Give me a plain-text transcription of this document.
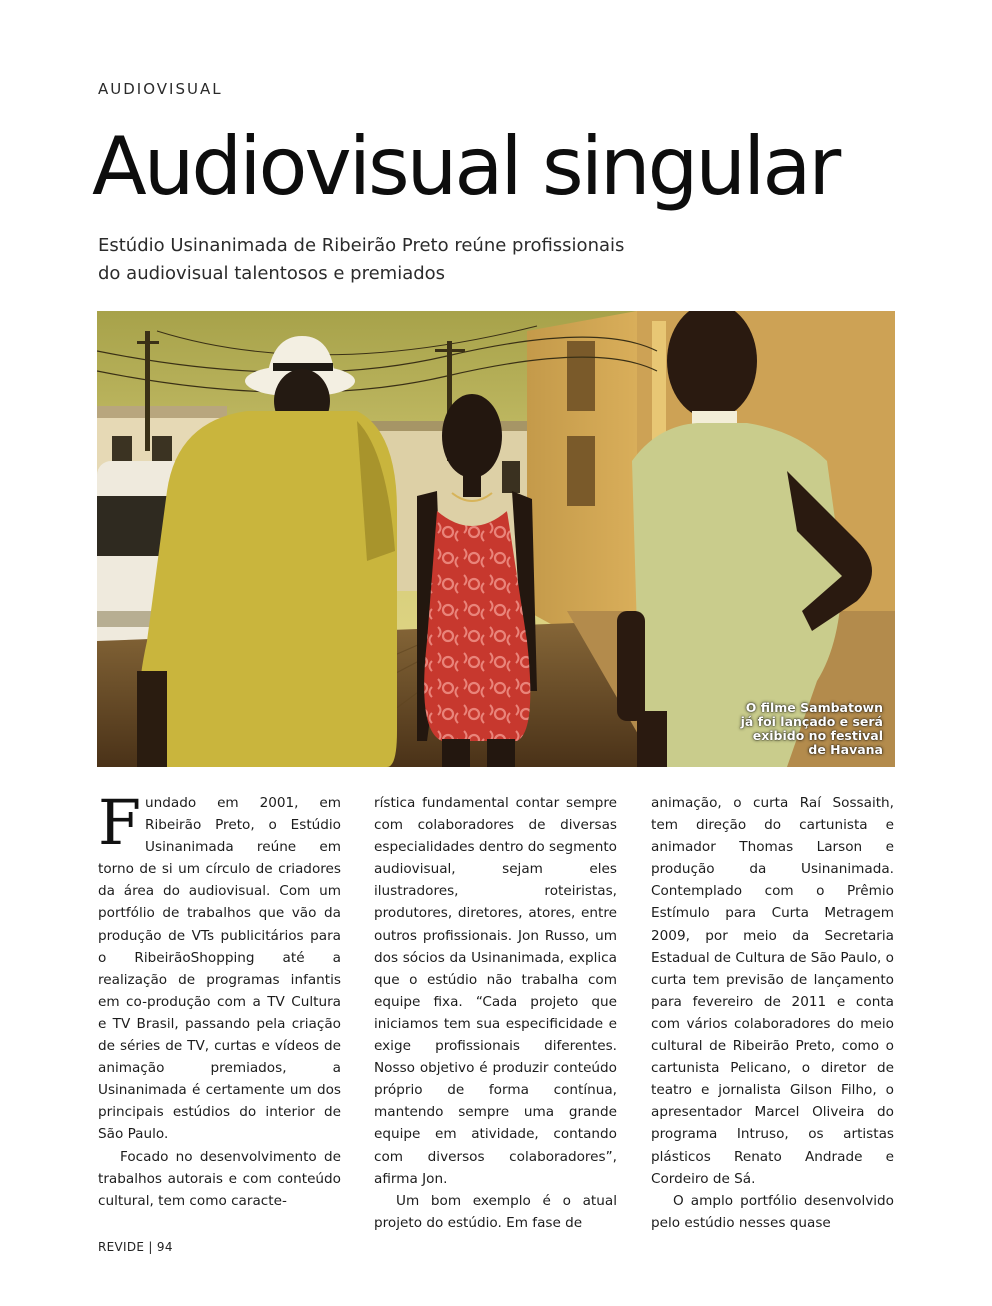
AUDIOVISUAL
Audiovisual singular
Estúdio Usinanimada de Ribeirão Preto reúne profissionais
do audiovisual talentosos e premiados
O filme Sambatown
já foi lançado e será
exibido no festival
de Havana

Fundado em 2001, em Ribeirão Preto, o Estúdio Usinanimada reúne em torno de si um círculo de criadores da área do audiovisual. Com um portfólio de trabalhos que vão da produção de VTs publicitários para o RibeirãoShopping até a realização de programas infantis em co-produção com a TV Cultura e TV Brasil, passando pela criação de séries de TV, curtas e vídeos de animação premiados, a Usinanimada é certamente um dos principais estúdios do interior de São Paulo.

Focado no desenvolvimento de trabalhos autorais e com conteúdo cultural, tem como caracte-

rística fundamental contar sempre com colaboradores de diversas especialidades dentro do segmento audiovisual, sejam eles ilustradores, roteiristas, produtores, diretores, atores, entre outros profissionais. Jon Russo, um dos sócios da Usinanimada, explica que o estúdio não trabalha com equipe fixa. “Cada projeto que iniciamos tem sua especificidade e exige profissionais diferentes. Nosso objetivo é produzir conteúdo próprio de forma contínua, mantendo sempre uma grande equipe em atividade, contando com diversos colaboradores”, afirma Jon.

Um bom exemplo é o atual projeto do estúdio. Em fase de

animação, o curta Raí Sossaith, tem direção do cartunista e animador Thomas Larson e produção da Usinanimada. Contemplado com o Prêmio Estímulo para Curta Metragem 2009, por meio da Secretaria Estadual de Cultura de São Paulo, o curta tem previsão de lançamento para fevereiro de 2011 e conta com vários colaboradores do meio cultural de Ribeirão Preto, como o cartunista Pelicano, o diretor de teatro e jornalista Gilson Filho, o apresentador Marcel Oliveira do programa Intruso, os artistas plásticos Renato Andrade e Cordeiro de Sá.

O amplo portfólio desenvolvido pelo estúdio nesses quase

REVIDE | 94
